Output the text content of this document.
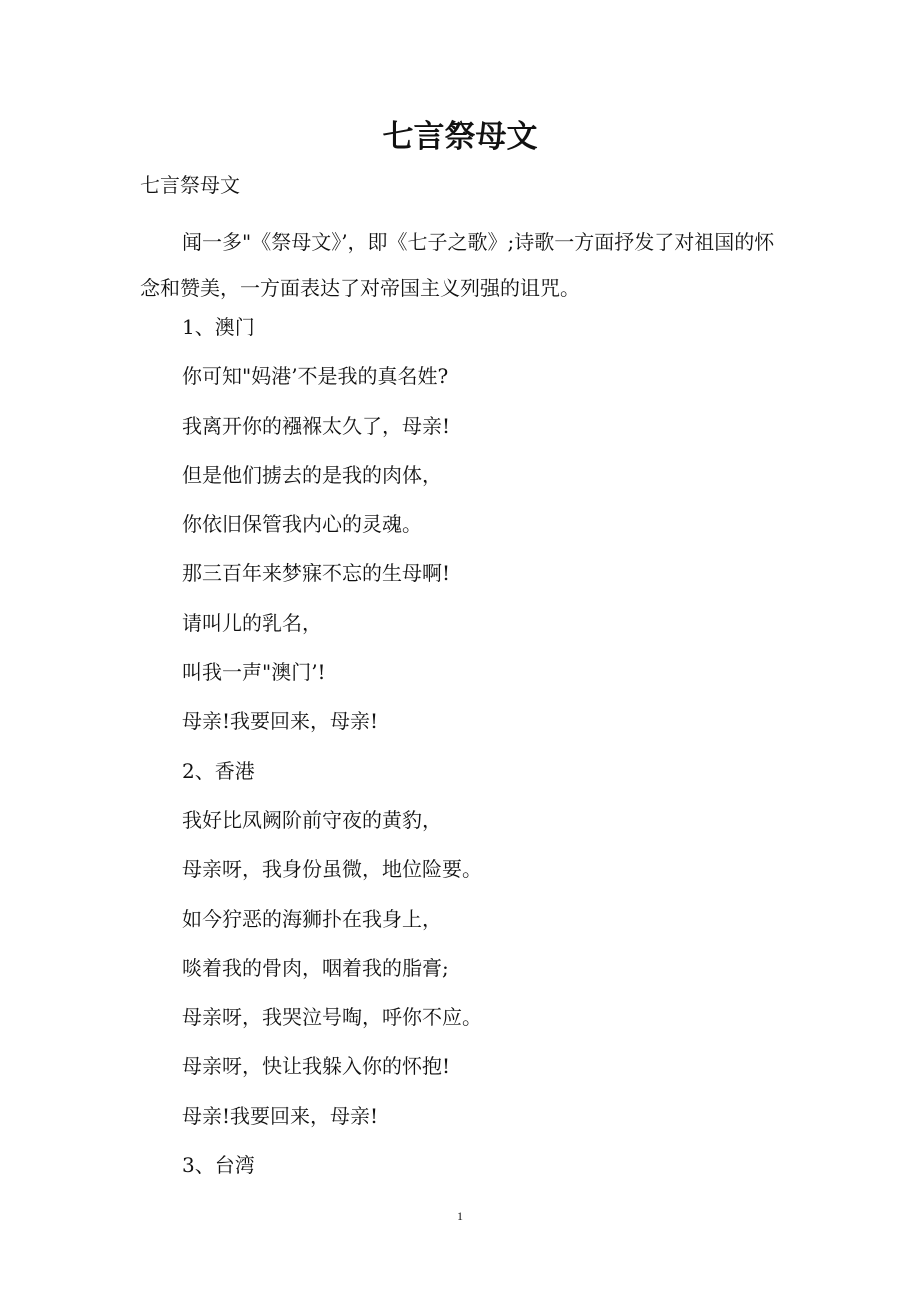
七言祭母文

七言祭母文

闻一多"《祭母文》’，即《七子之歌》;诗歌一方面抒发了对祖国的怀念和赞美，一方面表达了对帝国主义列强的诅咒。

1、澳门
你可知"妈港’不是我的真名姓?
我离开你的襁褓太久了，母亲!
但是他们掳去的是我的肉体，
你依旧保管我内心的灵魂。
那三百年来梦寐不忘的生母啊!
请叫儿的乳名，
叫我一声"澳门’!
母亲!我要回来，母亲!
2、香港
我好比凤阙阶前守夜的黄豹，
母亲呀，我身份虽微，地位险要。
如今狞恶的海狮扑在我身上，
啖着我的骨肉，咽着我的脂膏;
母亲呀，我哭泣号啕，呼你不应。
母亲呀，快让我躲入你的怀抱!
母亲!我要回来，母亲!
3、台湾
1
